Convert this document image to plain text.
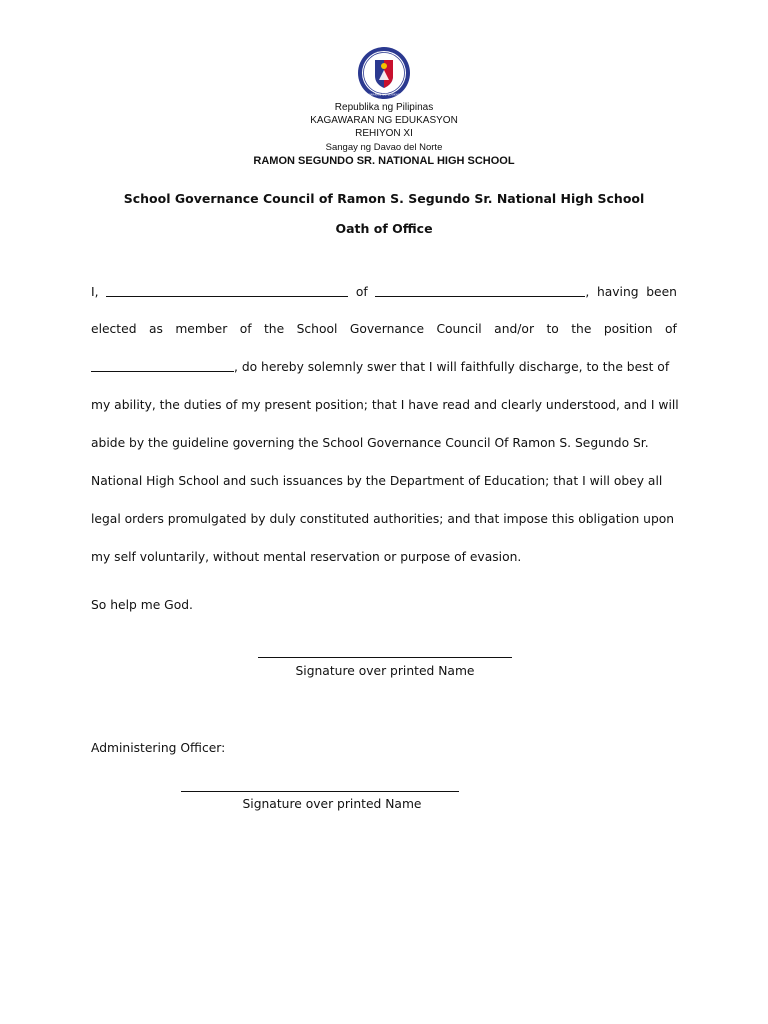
KAGAWARAN NG EDUKASYON
Republika ng Pilipinas
KAGAWARAN NG EDUKASYON
REHIYON XI
Sangay ng Davao del Norte
RAMON SEGUNDO SR. NATIONAL HIGH SCHOOL
School Governance Council of Ramon S. Segundo Sr. National High School
Oath of Office
I,	of	, having been
elected as member of the School Governance Council and/or to the position of
, do hereby solemnly swer that I will faithfully discharge, to the best of
my ability, the duties of my present position; that I have read and clearly understood, and I will
abide by the guideline governing the School Governance Council Of Ramon S. Segundo Sr.
National High School and such issuances by the Department of Education; that I will obey all
legal orders promulgated by duly constituted authorities; and that impose this obligation upon
my self voluntarily, without mental reservation or purpose of evasion.
So help me God.
Signature over printed Name
Administering Officer:
Signature over printed Name
